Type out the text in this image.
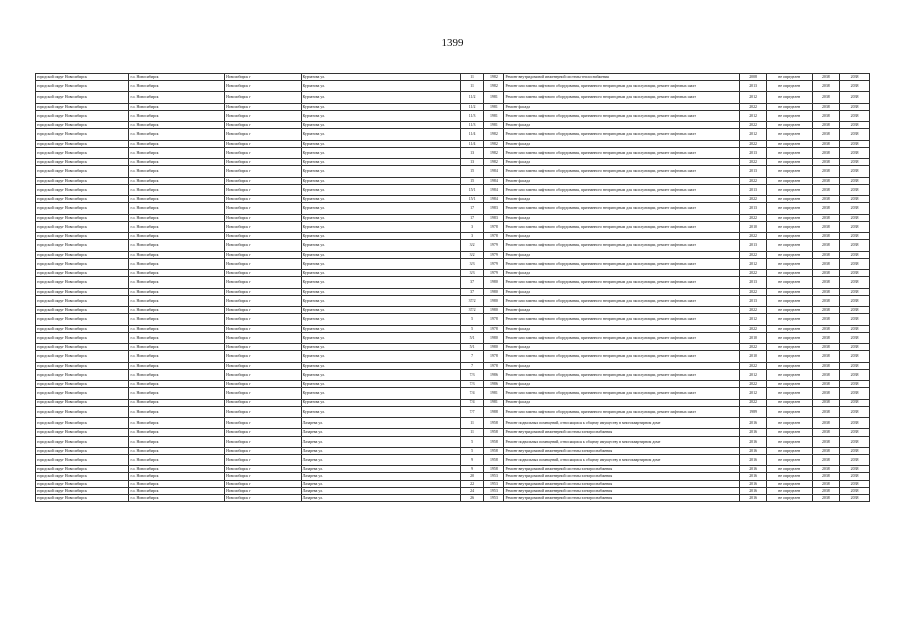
1399
городской округ Новосибирск	г.о. Новосибирск	Новосибирск г	Курчатова ул.	11	1982	Ремонт внутридомовой инженерной системы теплоснабжения	2008	не определен	2038	2038
городской округ Новосибирск	г.о. Новосибирск	Новосибирск г	Курчатова ул.	11	1982	Ремонт или замена лифтового оборудования, признанного непригодным для эксплуатации, ремонт лифтовых шахт	2013	не определен	2038	2038
городской округ Новосибирск	г.о. Новосибирск	Новосибирск г	Курчатова ул.	11/2	1981	Ремонт или замена лифтового оборудования, признанного непригодным для эксплуатации, ремонт лифтовых шахт	2012	не определен	2038	2038
городской округ Новосибирск	г.о. Новосибирск	Новосибирск г	Курчатова ул.	11/2	1981	Ремонт фасада	2022	не определен	2038	2038
городской округ Новосибирск	г.о. Новосибирск	Новосибирск г	Курчатова ул.	11/3	1981	Ремонт или замена лифтового оборудования, признанного непригодным для эксплуатации, ремонт лифтовых шахт	2012	не определен	2038	2038
городской округ Новосибирск	г.о. Новосибирск	Новосибирск г	Курчатова ул.	11/3	1981	Ремонт фасада	2022	не определен	2038	2038
городской округ Новосибирск	г.о. Новосибирск	Новосибирск г	Курчатова ул.	11/4	1982	Ремонт или замена лифтового оборудования, признанного непригодным для эксплуатации, ремонт лифтовых шахт	2012	не определен	2038	2038
городской округ Новосибирск	г.о. Новосибирск	Новосибирск г	Курчатова ул.	11/4	1982	Ремонт фасада	2022	не определен	2038	2038
городской округ Новосибирск	г.о. Новосибирск	Новосибирск г	Курчатова ул.	13	1982	Ремонт или замена лифтового оборудования, признанного непригодным для эксплуатации, ремонт лифтовых шахт	2013	не определен	2038	2038
городской округ Новосибирск	г.о. Новосибирск	Новосибирск г	Курчатова ул.	13	1982	Ремонт фасада	2022	не определен	2038	2038
городской округ Новосибирск	г.о. Новосибирск	Новосибирск г	Курчатова ул.	15	1984	Ремонт или замена лифтового оборудования, признанного непригодным для эксплуатации, ремонт лифтовых шахт	2013	не определен	2038	2038
городской округ Новосибирск	г.о. Новосибирск	Новосибирск г	Курчатова ул.	15	1984	Ремонт фасада	2022	не определен	2038	2038
городской округ Новосибирск	г.о. Новосибирск	Новосибирск г	Курчатова ул.	15/1	1984	Ремонт или замена лифтового оборудования, признанного непригодным для эксплуатации, ремонт лифтовых шахт	2013	не определен	2038	2038
городской округ Новосибирск	г.о. Новосибирск	Новосибирск г	Курчатова ул.	15/1	1984	Ремонт фасада	2022	не определен	2038	2038
городской округ Новосибирск	г.о. Новосибирск	Новосибирск г	Курчатова ул.	17	1983	Ремонт или замена лифтового оборудования, признанного непригодным для эксплуатации, ремонт лифтовых шахт	2013	не определен	2038	2038
городской округ Новосибирск	г.о. Новосибирск	Новосибирск г	Курчатова ул.	17	1983	Ремонт фасада	2022	не определен	2038	2038
городской округ Новосибирск	г.о. Новосибирск	Новосибирск г	Курчатова ул.	3	1978	Ремонт или замена лифтового оборудования, признанного непригодным для эксплуатации, ремонт лифтовых шахт	2010	не определен	2038	2038
городской округ Новосибирск	г.о. Новосибирск	Новосибирск г	Курчатова ул.	3	1978	Ремонт фасада	2022	не определен	2038	2038
городской округ Новосибирск	г.о. Новосибирск	Новосибирск г	Курчатова ул.	3/2	1979	Ремонт или замена лифтового оборудования, признанного непригодным для эксплуатации, ремонт лифтовых шахт	2013	не определен	2038	2038
городской округ Новосибирск	г.о. Новосибирск	Новосибирск г	Курчатова ул.	3/2	1979	Ремонт фасада	2022	не определен	2038	2038
городской округ Новосибирск	г.о. Новосибирск	Новосибирск г	Курчатова ул.	3/3	1979	Ремонт или замена лифтового оборудования, признанного непригодным для эксплуатации, ремонт лифтовых шахт	2012	не определен	2038	2038
городской округ Новосибирск	г.о. Новосибирск	Новосибирск г	Курчатова ул.	3/3	1979	Ремонт фасада	2022	не определен	2038	2038
городской округ Новосибирск	г.о. Новосибирск	Новосибирск г	Курчатова ул.	37	1980	Ремонт или замена лифтового оборудования, признанного непригодным для эксплуатации, ремонт лифтовых шахт	2013	не определен	2038	2038
городской округ Новосибирск	г.о. Новосибирск	Новосибирск г	Курчатова ул.	37	1980	Ремонт фасада	2022	не определен	2038	2038
городской округ Новосибирск	г.о. Новосибирск	Новосибирск г	Курчатова ул.	37/2	1980	Ремонт или замена лифтового оборудования, признанного непригодным для эксплуатации, ремонт лифтовых шахт	2013	не определен	2038	2038
городской округ Новосибирск	г.о. Новосибирск	Новосибирск г	Курчатова ул.	37/2	1980	Ремонт фасада	2022	не определен	2038	2038
городской округ Новосибирск	г.о. Новосибирск	Новосибирск г	Курчатова ул.	5	1978	Ремонт или замена лифтового оборудования, признанного непригодным для эксплуатации, ремонт лифтовых шахт	2012	не определен	2038	2038
городской округ Новосибирск	г.о. Новосибирск	Новосибирск г	Курчатова ул.	5	1978	Ремонт фасада	2022	не определен	2038	2038
городской округ Новосибирск	г.о. Новосибирск	Новосибирск г	Курчатова ул.	5/1	1980	Ремонт или замена лифтового оборудования, признанного непригодным для эксплуатации, ремонт лифтовых шахт	2010	не определен	2038	2038
городской округ Новосибирск	г.о. Новосибирск	Новосибирск г	Курчатова ул.	5/1	1980	Ремонт фасада	2022	не определен	2038	2038
городской округ Новосибирск	г.о. Новосибирск	Новосибирск г	Курчатова ул.	7	1978	Ремонт или замена лифтового оборудования, признанного непригодным для эксплуатации, ремонт лифтовых шахт	2010	не определен	2038	2038
городской округ Новосибирск	г.о. Новосибирск	Новосибирск г	Курчатова ул.	7	1978	Ремонт фасада	2022	не определен	2038	2038
городской округ Новосибирск	г.о. Новосибирск	Новосибирск г	Курчатова ул.	7/3	1986	Ремонт или замена лифтового оборудования, признанного непригодным для эксплуатации, ремонт лифтовых шахт	2012	не определен	2038	2038
городской округ Новосибирск	г.о. Новосибирск	Новосибирск г	Курчатова ул.	7/3	1986	Ремонт фасада	2022	не определен	2038	2038
городской округ Новосибирск	г.о. Новосибирск	Новосибирск г	Курчатова ул.	7/4	1981	Ремонт или замена лифтового оборудования, признанного непригодным для эксплуатации, ремонт лифтовых шахт	2012	не определен	2038	2038
городской округ Новосибирск	г.о. Новосибирск	Новосибирск г	Курчатова ул.	7/4	1981	Ремонт фасада	2022	не определен	2038	2038
городской округ Новосибирск	г.о. Новосибирск	Новосибирск г	Курчатова ул.	7/7	1988	Ремонт или замена лифтового оборудования, признанного непригодным для эксплуатации, ремонт лифтовых шахт	1989	не определен	2038	2038
городской округ Новосибирск	г.о. Новосибирск	Новосибирск г	Лазарева ул.	11	1958	Ремонт подвальных помещений, относящихся к общему имуществу в многоквартирном доме	2016	не определен	2038	2038
городской округ Новосибирск	г.о. Новосибирск	Новосибирск г	Лазарева ул.	11	1958	Ремонт внутридомовой инженерной системы электроснабжения	2016	не определен	2038	2038
городской округ Новосибирск	г.о. Новосибирск	Новосибирск г	Лазарева ул.	5	1958	Ремонт подвальных помещений, относящихся к общему имуществу в многоквартирном доме	2016	не определен	2038	2038
городской округ Новосибирск	г.о. Новосибирск	Новосибирск г	Лазарева ул.	5	1958	Ремонт внутридомовой инженерной системы электроснабжения	2016	не определен	2038	2038
городской округ Новосибирск	г.о. Новосибирск	Новосибирск г	Лазарева ул.	9	1958	Ремонт подвальных помещений, относящихся к общему имуществу в многоквартирном доме	2016	не определен	2038	2038
городской округ Новосибирск	г.о. Новосибирск	Новосибирск г	Лазарева ул.	9	1958	Ремонт внутридомовой инженерной системы электроснабжения	2016	не определен	2038	2038
городской округ Новосибирск	г.о. Новосибирск	Новосибирск г	Лазарева ул.	20	1953	Ремонт внутридомовой инженерной системы электроснабжения	2016	не определен	2038	2038
городской округ Новосибирск	г.о. Новосибирск	Новосибирск г	Лазарева ул.	22	1953	Ремонт внутридомовой инженерной системы электроснабжения	2016	не определен	2038	2038
городской округ Новосибирск	г.о. Новосибирск	Новосибирск г	Лазарева ул.	24	1953	Ремонт внутридомовой инженерной системы электроснабжения	2016	не определен	2038	2038
городской округ Новосибирск	г.о. Новосибирск	Новосибирск г	Лазарева ул.	26	1953	Ремонт внутридомовой инженерной системы электроснабжения	2016	не определен	2038	2038
